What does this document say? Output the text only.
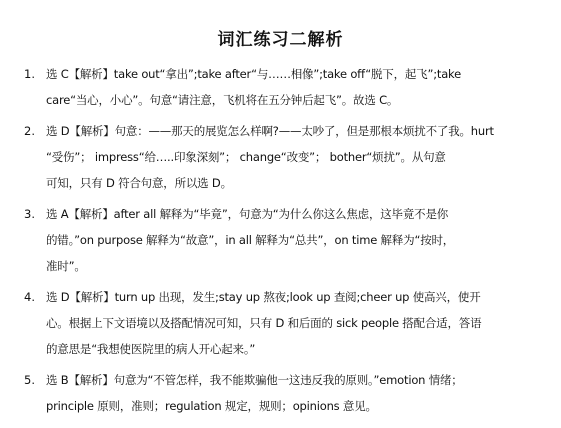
词汇练习二解析
1. 选 C【解析】take out“拿出”;take after“与……相像”;take off“脱下，起飞”;take
care“当心，小心”。句意“请注意，飞机将在五分钟后起飞”。故选 C。
2. 选 D【解析】句意：——那天的展览怎么样啊?——太吵了，但是那根本烦扰不了我。hurt
“受伤”； impress“给…..印象深刻”； change“改变”； bother“烦扰”。从句意
可知，只有 D 符合句意，所以选 D。
3. 选 A【解析】after all 解释为“毕竟”，句意为“为什么你这么焦虑，这毕竟不是你
的错。”on purpose 解释为“故意”，in all 解释为“总共”，on time 解释为“按时，
准时”。
4. 选 D【解析】turn up 出现，发生;stay up 熬夜;look up 查阅;cheer up 使高兴，使开
心。根据上下文语境以及搭配情况可知，只有 D 和后面的 sick people 搭配合适，答语
的意思是“我想使医院里的病人开心起来。”
5. 选 B【解析】句意为“不管怎样，我不能欺骗他一这违反我的原则。”emotion 情绪；
principle 原则，准则；regulation 规定，规则；opinions 意见。
